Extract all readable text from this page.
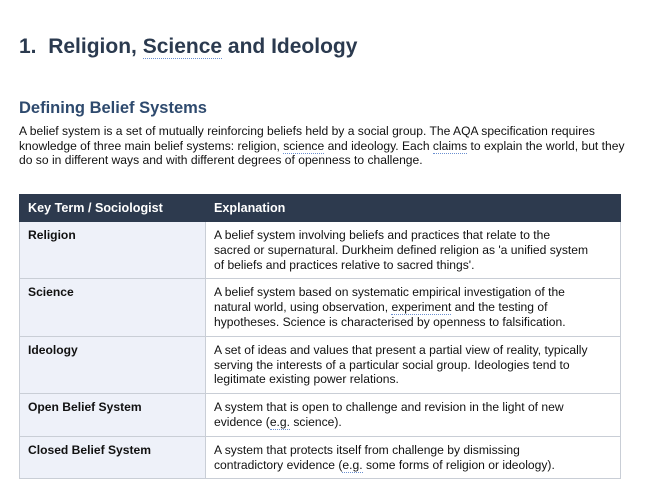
1. Religion, Science and Ideology
Defining Belief Systems
A belief system is a set of mutually reinforcing beliefs held by a social group. The AQA specification requires
knowledge of three main belief systems: religion, science and ideology. Each claims to explain the world, but they
do so in different ways and with different degrees of openness to challenge.
Key Term / Sociologist	Explanation
Religion	A belief system involving beliefs and practices that relate to the
sacred or supernatural. Durkheim defined religion as 'a unified system
of beliefs and practices relative to sacred things'.

Science	A belief system based on systematic empirical investigation of the
natural world, using observation, experiment and the testing of
hypotheses. Science is characterised by openness to falsification.

Ideology	A set of ideas and values that present a partial view of reality, typically
serving the interests of a particular social group. Ideologies tend to
legitimate existing power relations.

Open Belief System	A system that is open to challenge and revision in the light of new
evidence (e.g. science).

Closed Belief System	A system that protects itself from challenge by dismissing
contradictory evidence (e.g. some forms of religion or ideology).
